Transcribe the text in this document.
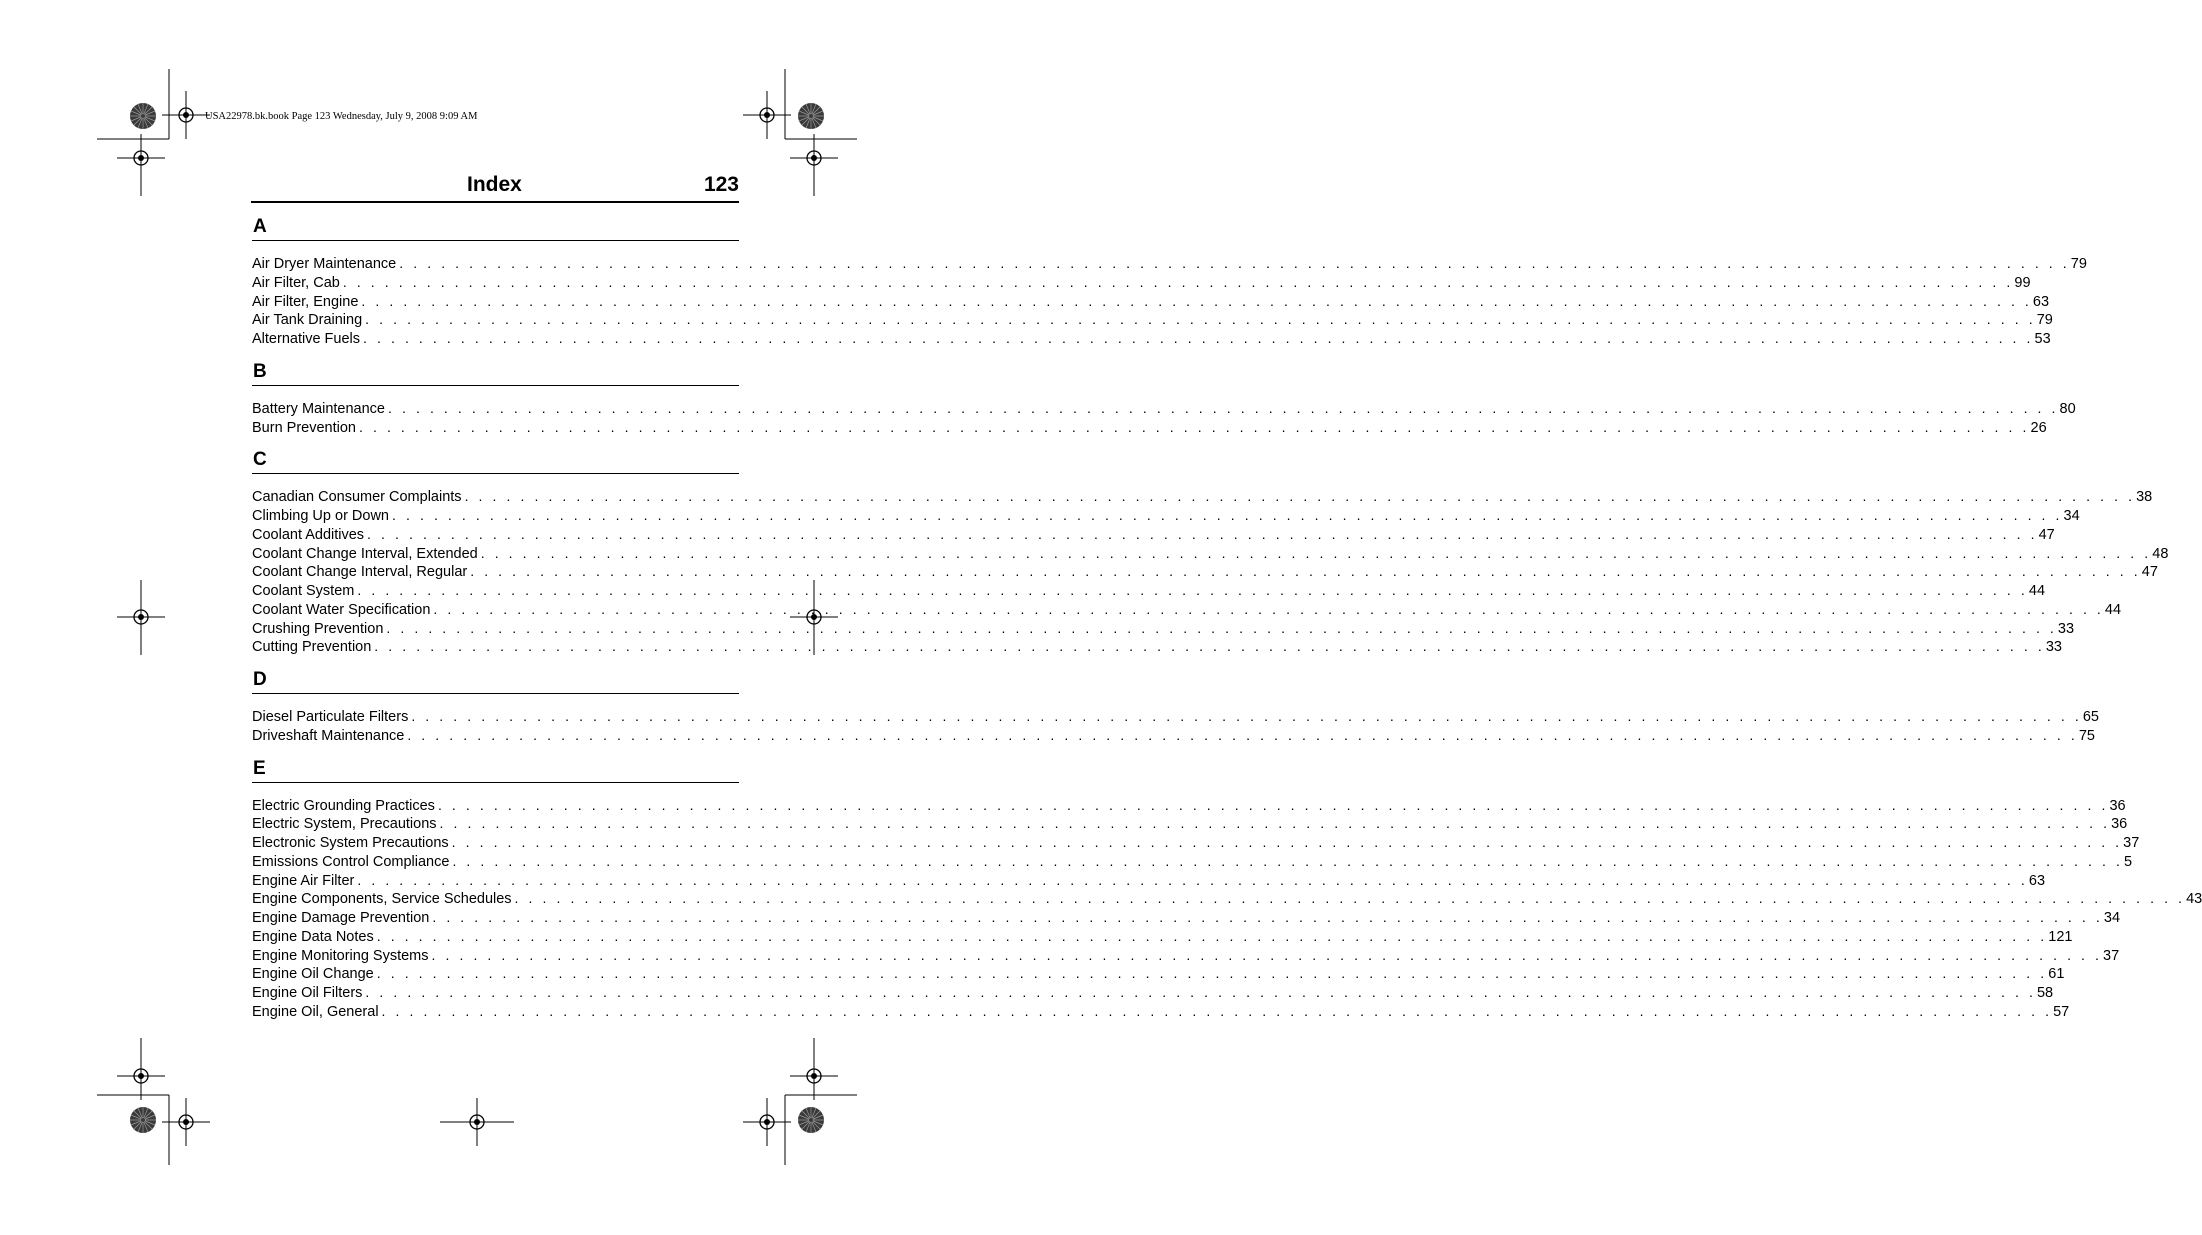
USA22978.bk.book Page 123 Wednesday, July 9, 2008 9:09 AM
Index	123
A
Air Dryer Maintenance . . . . . . . . . . . . . . . . . . . . . . . . . . . . . . . . . . . . . . . . . . . . . . . . . . . . . . . . . . . . . . . . . . . . . . . . . . . . . . . . . . . . . . . . . . . . . . . . . . . . . . . . . . . . . . . . . . . . . . . . 79
Air Filter, Cab . . . . . . . . . . . . . . . . . . . . . . . . . . . . . . . . . . . . . . . . . . . . . . . . . . . . . . . . . . . . . . . . . . . . . . . . . . . . . . . . . . . . . . . . . . . . . . . . . . . . . . . . . . . . . . . . . . . . . . . . 99
Air Filter, Engine . . . . . . . . . . . . . . . . . . . . . . . . . . . . . . . . . . . . . . . . . . . . . . . . . . . . . . . . . . . . . . . . . . . . . . . . . . . . . . . . . . . . . . . . . . . . . . . . . . . . . . . . . . . . . . . . . . . . . . . . 63
Air Tank Draining . . . . . . . . . . . . . . . . . . . . . . . . . . . . . . . . . . . . . . . . . . . . . . . . . . . . . . . . . . . . . . . . . . . . . . . . . . . . . . . . . . . . . . . . . . . . . . . . . . . . . . . . . . . . . . . . . . . . . . . . 79
Alternative Fuels . . . . . . . . . . . . . . . . . . . . . . . . . . . . . . . . . . . . . . . . . . . . . . . . . . . . . . . . . . . . . . . . . . . . . . . . . . . . . . . . . . . . . . . . . . . . . . . . . . . . . . . . . . . . . . . . . . . . . . . . 53
B
Battery Maintenance . . . . . . . . . . . . . . . . . . . . . . . . . . . . . . . . . . . . . . . . . . . . . . . . . . . . . . . . . . . . . . . . . . . . . . . . . . . . . . . . . . . . . . . . . . . . . . . . . . . . . . . . . . . . . . . . . . . . . . . . 80
Burn Prevention . . . . . . . . . . . . . . . . . . . . . . . . . . . . . . . . . . . . . . . . . . . . . . . . . . . . . . . . . . . . . . . . . . . . . . . . . . . . . . . . . . . . . . . . . . . . . . . . . . . . . . . . . . . . . . . . . . . . . . . . 26
C
Canadian Consumer Complaints . . . . . . . . . . . . . . . . . . . . . . . . . . . . . . . . . . . . . . . . . . . . . . . . . . . . . . . . . . . . . . . . . . . . . . . . . . . . . . . . . . . . . . . . . . . . . . . . . . . . . . . . . . . . . . . . . . . . . . . . 38
Climbing Up or Down . . . . . . . . . . . . . . . . . . . . . . . . . . . . . . . . . . . . . . . . . . . . . . . . . . . . . . . . . . . . . . . . . . . . . . . . . . . . . . . . . . . . . . . . . . . . . . . . . . . . . . . . . . . . . . . . . . . . . . . . 34
Coolant Additives . . . . . . . . . . . . . . . . . . . . . . . . . . . . . . . . . . . . . . . . . . . . . . . . . . . . . . . . . . . . . . . . . . . . . . . . . . . . . . . . . . . . . . . . . . . . . . . . . . . . . . . . . . . . . . . . . . . . . . . . 47
Coolant Change Interval, Extended . . . . . . . . . . . . . . . . . . . . . . . . . . . . . . . . . . . . . . . . . . . . . . . . . . . . . . . . . . . . . . . . . . . . . . . . . . . . . . . . . . . . . . . . . . . . . . . . . . . . . . . . . . . . . . . . . . . . . . . . 48
Coolant Change Interval, Regular . . . . . . . . . . . . . . . . . . . . . . . . . . . . . . . . . . . . . . . . . . . . . . . . . . . . . . . . . . . . . . . . . . . . . . . . . . . . . . . . . . . . . . . . . . . . . . . . . . . . . . . . . . . . . . . . . . . . . . . . 47
Coolant System . . . . . . . . . . . . . . . . . . . . . . . . . . . . . . . . . . . . . . . . . . . . . . . . . . . . . . . . . . . . . . . . . . . . . . . . . . . . . . . . . . . . . . . . . . . . . . . . . . . . . . . . . . . . . . . . . . . . . . . . 44
Coolant Water Specification . . . . . . . . . . . . . . . . . . . . . . . . . . . . . . . . . . . . . . . . . . . . . . . . . . . . . . . . . . . . . . . . . . . . . . . . . . . . . . . . . . . . . . . . . . . . . . . . . . . . . . . . . . . . . . . . . . . . . . . . 44
Crushing Prevention . . . . . . . . . . . . . . . . . . . . . . . . . . . . . . . . . . . . . . . . . . . . . . . . . . . . . . . . . . . . . . . . . . . . . . . . . . . . . . . . . . . . . . . . . . . . . . . . . . . . . . . . . . . . . . . . . . . . . . . . 33
Cutting Prevention . . . . . . . . . . . . . . . . . . . . . . . . . . . . . . . . . . . . . . . . . . . . . . . . . . . . . . . . . . . . . . . . . . . . . . . . . . . . . . . . . . . . . . . . . . . . . . . . . . . . . . . . . . . . . . . . . . . . . . . . 33
D
Diesel Particulate Filters . . . . . . . . . . . . . . . . . . . . . . . . . . . . . . . . . . . . . . . . . . . . . . . . . . . . . . . . . . . . . . . . . . . . . . . . . . . . . . . . . . . . . . . . . . . . . . . . . . . . . . . . . . . . . . . . . . . . . . . . 65
Driveshaft Maintenance . . . . . . . . . . . . . . . . . . . . . . . . . . . . . . . . . . . . . . . . . . . . . . . . . . . . . . . . . . . . . . . . . . . . . . . . . . . . . . . . . . . . . . . . . . . . . . . . . . . . . . . . . . . . . . . . . . . . . . . . 75
E
Electric Grounding Practices . . . . . . . . . . . . . . . . . . . . . . . . . . . . . . . . . . . . . . . . . . . . . . . . . . . . . . . . . . . . . . . . . . . . . . . . . . . . . . . . . . . . . . . . . . . . . . . . . . . . . . . . . . . . . . . . . . . . . . . . 36
Electric System, Precautions . . . . . . . . . . . . . . . . . . . . . . . . . . . . . . . . . . . . . . . . . . . . . . . . . . . . . . . . . . . . . . . . . . . . . . . . . . . . . . . . . . . . . . . . . . . . . . . . . . . . . . . . . . . . . . . . . . . . . . . . 36
Electronic System Precautions . . . . . . . . . . . . . . . . . . . . . . . . . . . . . . . . . . . . . . . . . . . . . . . . . . . . . . . . . . . . . . . . . . . . . . . . . . . . . . . . . . . . . . . . . . . . . . . . . . . . . . . . . . . . . . . . . . . . . . . . 37
Emissions Control Compliance . . . . . . . . . . . . . . . . . . . . . . . . . . . . . . . . . . . . . . . . . . . . . . . . . . . . . . . . . . . . . . . . . . . . . . . . . . . . . . . . . . . . . . . . . . . . . . . . . . . . . . . . . . . . . . . . . . . . . . . . 5
Engine Air Filter . . . . . . . . . . . . . . . . . . . . . . . . . . . . . . . . . . . . . . . . . . . . . . . . . . . . . . . . . . . . . . . . . . . . . . . . . . . . . . . . . . . . . . . . . . . . . . . . . . . . . . . . . . . . . . . . . . . . . . . . 63
Engine Components, Service Schedules . . . . . . . . . . . . . . . . . . . . . . . . . . . . . . . . . . . . . . . . . . . . . . . . . . . . . . . . . . . . . . . . . . . . . . . . . . . . . . . . . . . . . . . . . . . . . . . . . . . . . . . . . . . . . . . . . . . . . . . . 43
Engine Damage Prevention . . . . . . . . . . . . . . . . . . . . . . . . . . . . . . . . . . . . . . . . . . . . . . . . . . . . . . . . . . . . . . . . . . . . . . . . . . . . . . . . . . . . . . . . . . . . . . . . . . . . . . . . . . . . . . . . . . . . . . . . 34
Engine Data Notes . . . . . . . . . . . . . . . . . . . . . . . . . . . . . . . . . . . . . . . . . . . . . . . . . . . . . . . . . . . . . . . . . . . . . . . . . . . . . . . . . . . . . . . . . . . . . . . . . . . . . . . . . . . . . . . . . . . . . . . . 121
Engine Monitoring Systems . . . . . . . . . . . . . . . . . . . . . . . . . . . . . . . . . . . . . . . . . . . . . . . . . . . . . . . . . . . . . . . . . . . . . . . . . . . . . . . . . . . . . . . . . . . . . . . . . . . . . . . . . . . . . . . . . . . . . . . . 37
Engine Oil Change . . . . . . . . . . . . . . . . . . . . . . . . . . . . . . . . . . . . . . . . . . . . . . . . . . . . . . . . . . . . . . . . . . . . . . . . . . . . . . . . . . . . . . . . . . . . . . . . . . . . . . . . . . . . . . . . . . . . . . . . 61
Engine Oil Filters . . . . . . . . . . . . . . . . . . . . . . . . . . . . . . . . . . . . . . . . . . . . . . . . . . . . . . . . . . . . . . . . . . . . . . . . . . . . . . . . . . . . . . . . . . . . . . . . . . . . . . . . . . . . . . . . . . . . . . . . 58
Engine Oil, General . . . . . . . . . . . . . . . . . . . . . . . . . . . . . . . . . . . . . . . . . . . . . . . . . . . . . . . . . . . . . . . . . . . . . . . . . . . . . . . . . . . . . . . . . . . . . . . . . . . . . . . . . . . . . . . . . . . . . . . . 57
